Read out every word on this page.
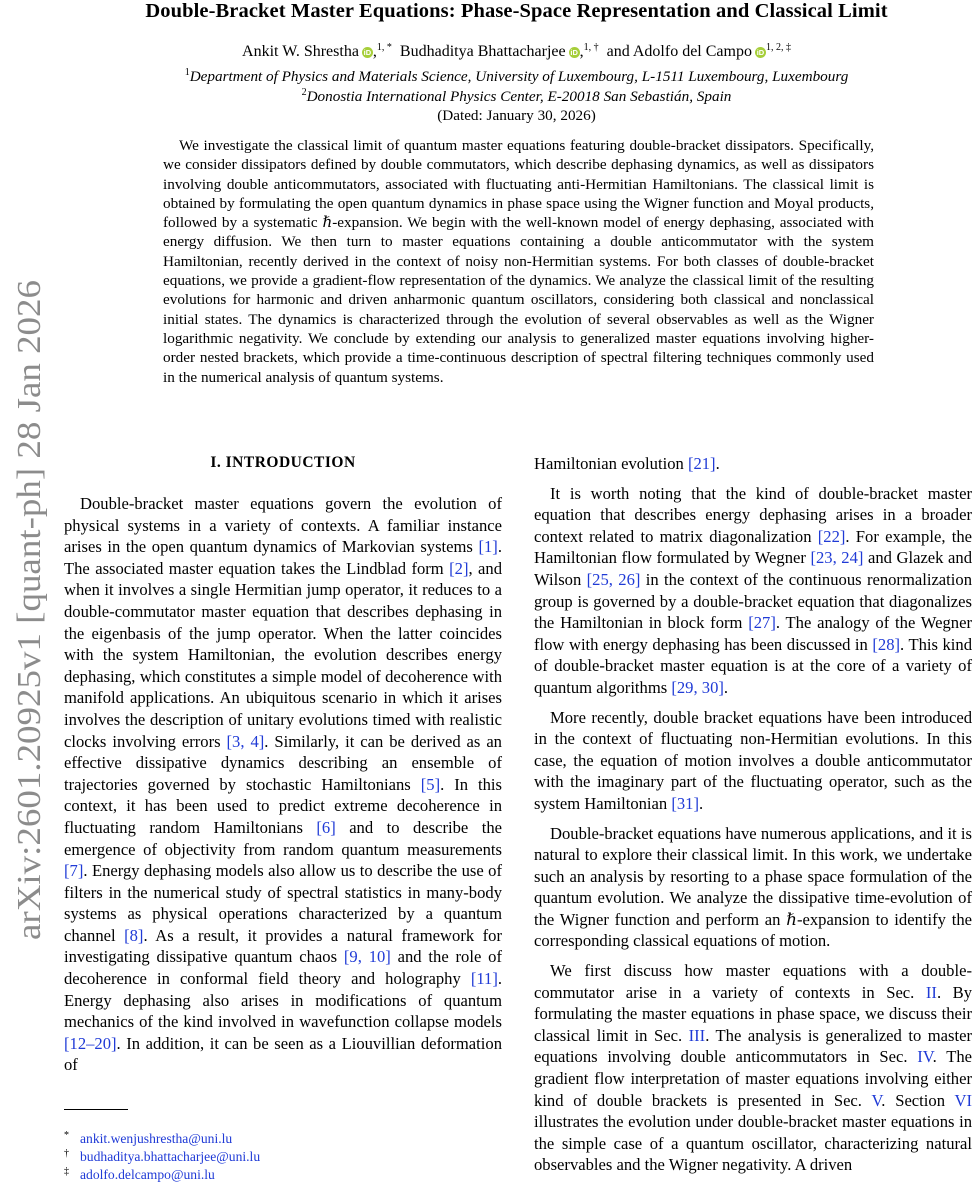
arXiv:2601.20925v1 [quant-ph] 28 Jan 2026
Double-Bracket Master Equations: Phase-Space Representation and Classical Limit
Ankit W. Shrestha iD ,$^{1, *}$ Budhaditya Bhattacharjee iD ,$^{1, \dagger}$ and Adolfo del Campo iD $^{1, 2, \ddagger}$
$^1$Department of Physics and Materials Science, University of Luxembourg, L-1511 Luxembourg, Luxembourg
$^2$Donostia International Physics Center, E-20018 San Sebastián, Spain
(Dated: January 30, 2026)
We investigate the classical limit of quantum master equations featuring double-bracket dissipators. Specifically, we consider dissipators defined by double commutators, which describe dephasing dynamics, as well as dissipators involving double anticommutators, associated with fluctuating anti-Hermitian Hamiltonians. The classical limit is obtained by formulating the open quantum dynamics in phase space using the Wigner function and Moyal products, followed by a systematic ℏ-expansion. We begin with the well-known model of energy dephasing, associated with energy diffusion. We then turn to master equations containing a double anticommutator with the system Hamiltonian, recently derived in the context of noisy non-Hermitian systems. For both classes of double-bracket equations, we provide a gradient-flow representation of the dynamics. We analyze the classical limit of the resulting evolutions for harmonic and driven anharmonic quantum oscillators, considering both classical and nonclassical initial states. The dynamics is characterized through the evolution of several observables as well as the Wigner logarithmic negativity. We conclude by extending our analysis to generalized master equations involving higher-order nested brackets, which provide a time-continuous description of spectral filtering techniques commonly used in the numerical analysis of quantum systems.
I. INTRODUCTION

Double-bracket master equations govern the evolution of physical systems in a variety of contexts. A familiar instance arises in the open quantum dynamics of Markovian systems [1]. The associated master equation takes the Lindblad form [2], and when it involves a single Hermitian jump operator, it reduces to a double-commutator master equation that describes dephasing in the eigenbasis of the jump operator. When the latter coincides with the system Hamiltonian, the evolution describes energy dephasing, which constitutes a simple model of decoherence with manifold applications. An ubiquitous scenario in which it arises involves the description of unitary evolutions timed with realistic clocks involving errors [3, 4]. Similarly, it can be derived as an effective dissipative dynamics describing an ensemble of trajectories governed by stochastic Hamiltonians [5]. In this context, it has been used to predict extreme decoherence in fluctuating random Hamiltonians [6] and to describe the emergence of objectivity from random quantum measurements [7]. Energy dephasing models also allow us to describe the use of filters in the numerical study of spectral statistics in many-body systems as physical operations characterized by a quantum channel [8]. As a result, it provides a natural framework for investigating dissipative quantum chaos [9, 10] and the role of decoherence in conformal field theory and holography [11]. Energy dephasing also arises in modifications of quantum mechanics of the kind involved in wavefunction collapse models [12–20]. In addition, it can be seen as a Liouvillian deformation of

Hamiltonian evolution [21].

It is worth noting that the kind of double-bracket master equation that describes energy dephasing arises in a broader context related to matrix diagonalization [22]. For example, the Hamiltonian flow formulated by Wegner [23, 24] and Glazek and Wilson [25, 26] in the context of the continuous renormalization group is governed by a double-bracket equation that diagonalizes the Hamiltonian in block form [27]. The analogy of the Wegner flow with energy dephasing has been discussed in [28]. This kind of double-bracket master equation is at the core of a variety of quantum algorithms [29, 30].

More recently, double bracket equations have been introduced in the context of fluctuating non-Hermitian evolutions. In this case, the equation of motion involves a double anticommutator with the imaginary part of the fluctuating operator, such as the system Hamiltonian [31].

Double-bracket equations have numerous applications, and it is natural to explore their classical limit. In this work, we undertake such an analysis by resorting to a phase space formulation of the quantum evolution. We analyze the dissipative time-evolution of the Wigner function and perform an ℏ-expansion to identify the corresponding classical equations of motion.

We first discuss how master equations with a double-commutator arise in a variety of contexts in Sec. II. By formulating the master equations in phase space, we discuss their classical limit in Sec. III. The analysis is generalized to master equations involving double anticommutators in Sec. IV. The gradient flow interpretation of master equations involving either kind of double brackets is presented in Sec. V. Section VI illustrates the evolution under double-bracket master equations in the simple case of a quantum oscillator, characterizing natural observables and the Wigner negativity. A driven

* ankit.wenjushrestha@uni.lu
† budhaditya.bhattacharjee@uni.lu
‡ adolfo.delcampo@uni.lu
